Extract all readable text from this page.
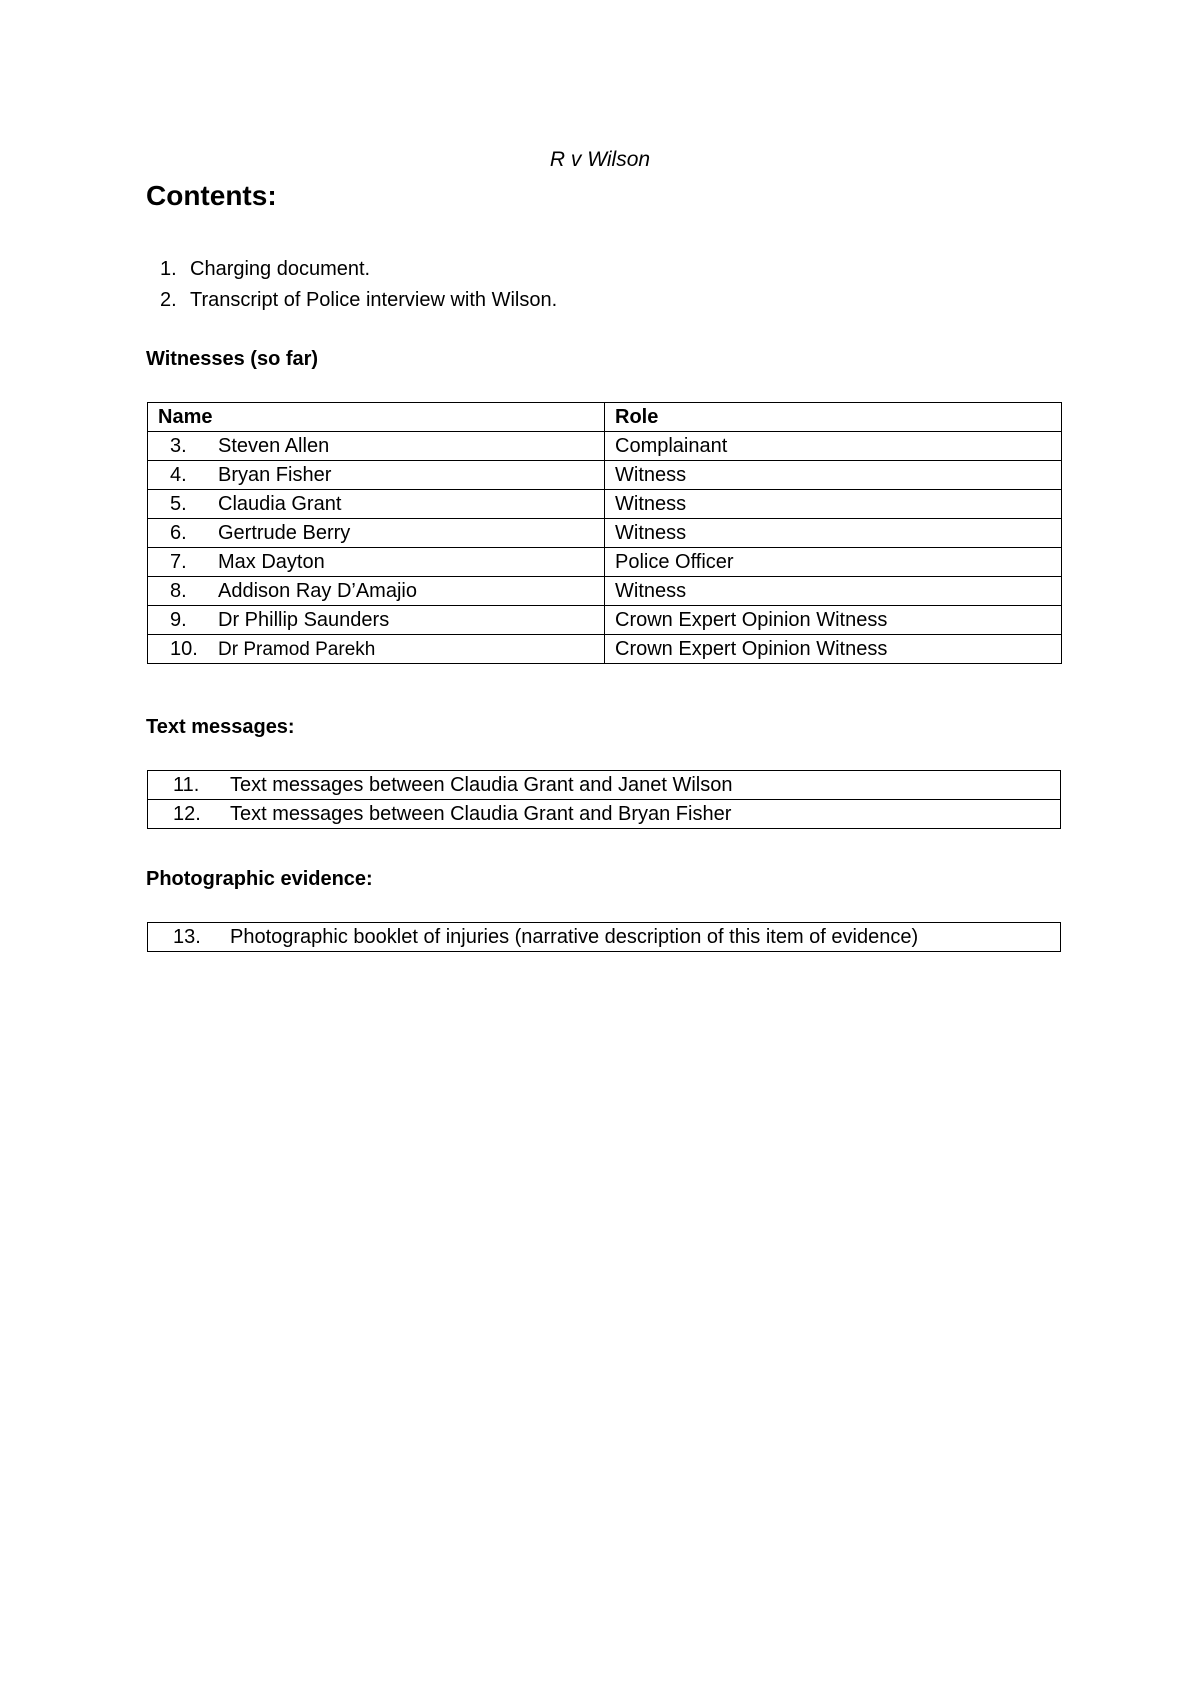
R v Wilson
Contents:
1. Charging document.
2. Transcript of Police interview with Wilson.
Witnesses (so far)
Name	Role
3. Steven Allen	Complainant
4. Bryan Fisher	Witness
5. Claudia Grant	Witness
6. Gertrude Berry	Witness
7. Max Dayton	Police Officer
8. Addison Ray D’Amajio	Witness
9. Dr Phillip Saunders	Crown Expert Opinion Witness
10. Dr Pramod Parekh	Crown Expert Opinion Witness
Text messages:
11. Text messages between Claudia Grant and Janet Wilson
12. Text messages between Claudia Grant and Bryan Fisher
Photographic evidence:
13. Photographic booklet of injuries (narrative description of this item of evidence)
